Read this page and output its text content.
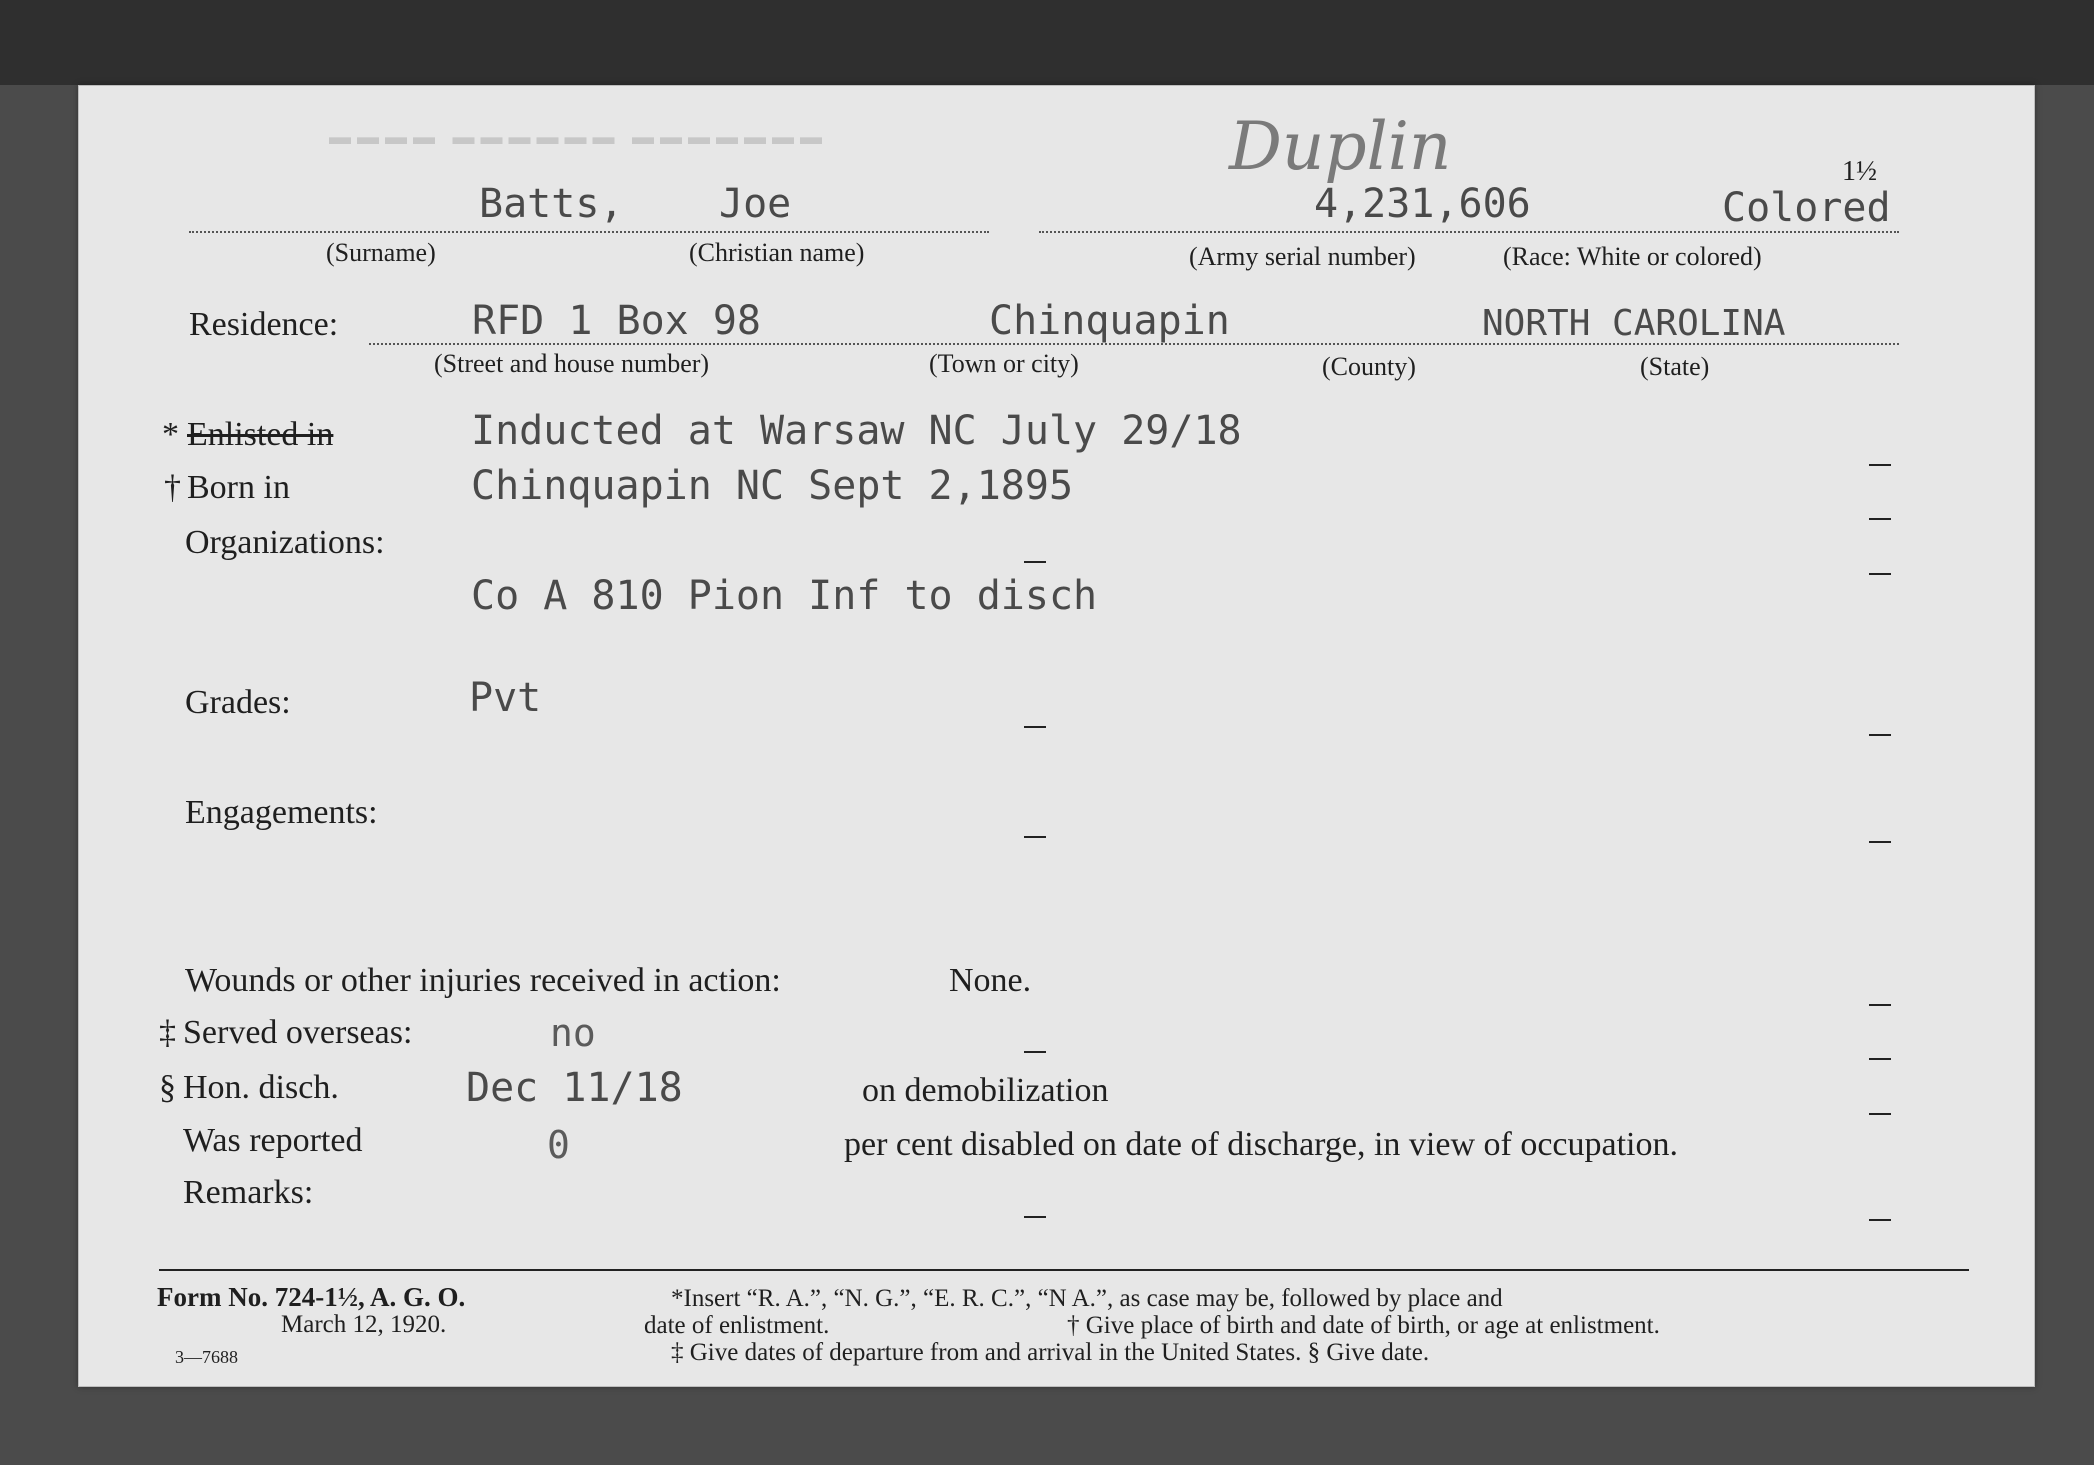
▬▬▬▬ ▬▬▬▬▬▬ ▬▬▬▬▬▬▬	Duplin	1½
Batts, Joe	4,231,606	Colored
(Surname)	(Christian name)	(Army serial number)	(Race: White or colored)
Residence:	RFD 1 Box 98	Chinquapin	NORTH CAROLINA
(Street and house number)	(Town or city)	(County)	(State)
* Enlisted in	Inducted at Warsaw NC July 29/18
† Born in	Chinquapin NC Sept 2,1895
Organizations:
Co A 810 Pion Inf to disch
Grades:	Pvt
Engagements:
Wounds or other injuries received in action:	None.
‡ Served overseas:	no
§ Hon. disch.	Dec 11/18	on demobilization
Was reported	0	per cent disabled on date of discharge, in view of occupation.
Remarks:
Form No. 724-1½, A. G. O.
March 12, 1920.
3—7688
*Insert “R. A.”, “N. G.”, “E. R. C.”, “N A.”, as case may be, followed by place and
date of enlistment.	† Give place of birth and date of birth, or age at enlistment.
‡ Give dates of departure from and arrival in the United States. § Give date.
